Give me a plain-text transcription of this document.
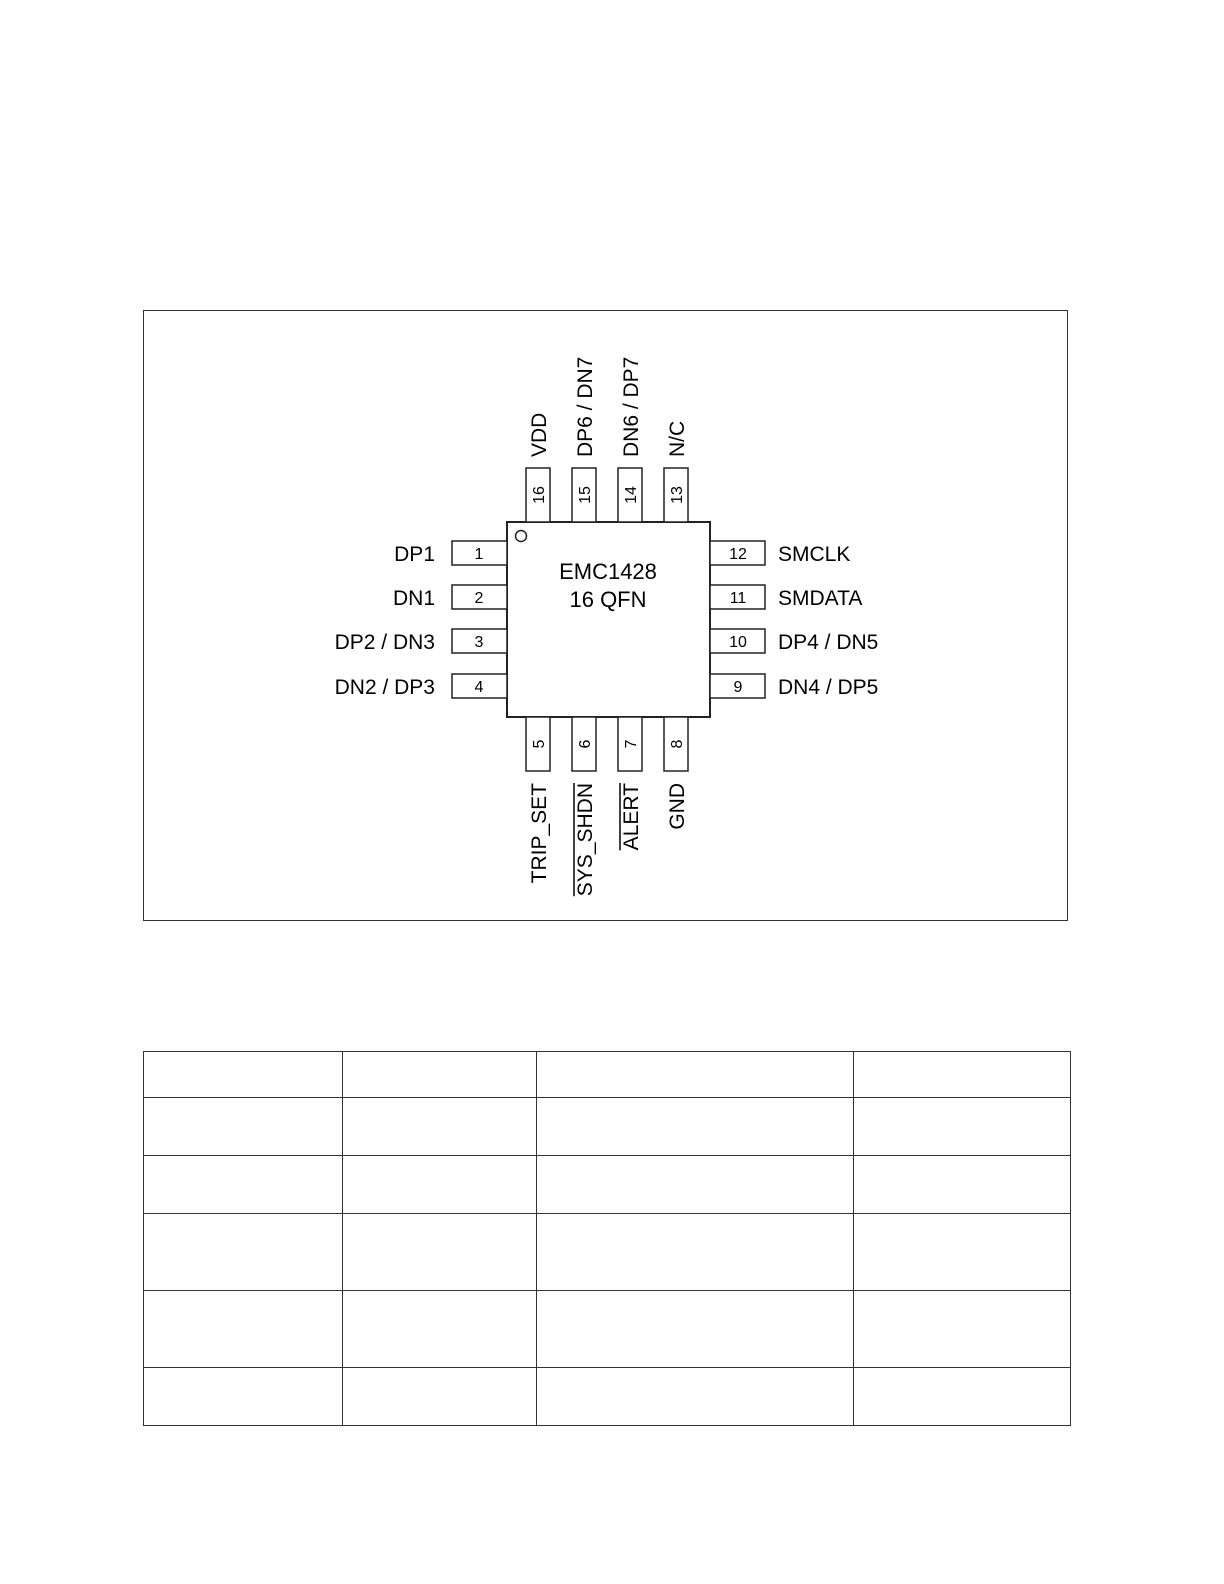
EMC1428
16 QFN
1
DP1
2
DN1
3
DP2 / DN3
4
DN2 / DP3	9 DN4 / DP5
10 DP4 / DN5
11 SMDATA
12 SMCLK
13
N/C
14
DN6 / DP7
15
DP6 / DN7
16
VDD
5
TRIP_SET
6
SYS_SHDN
7
ALERT
8
GND
